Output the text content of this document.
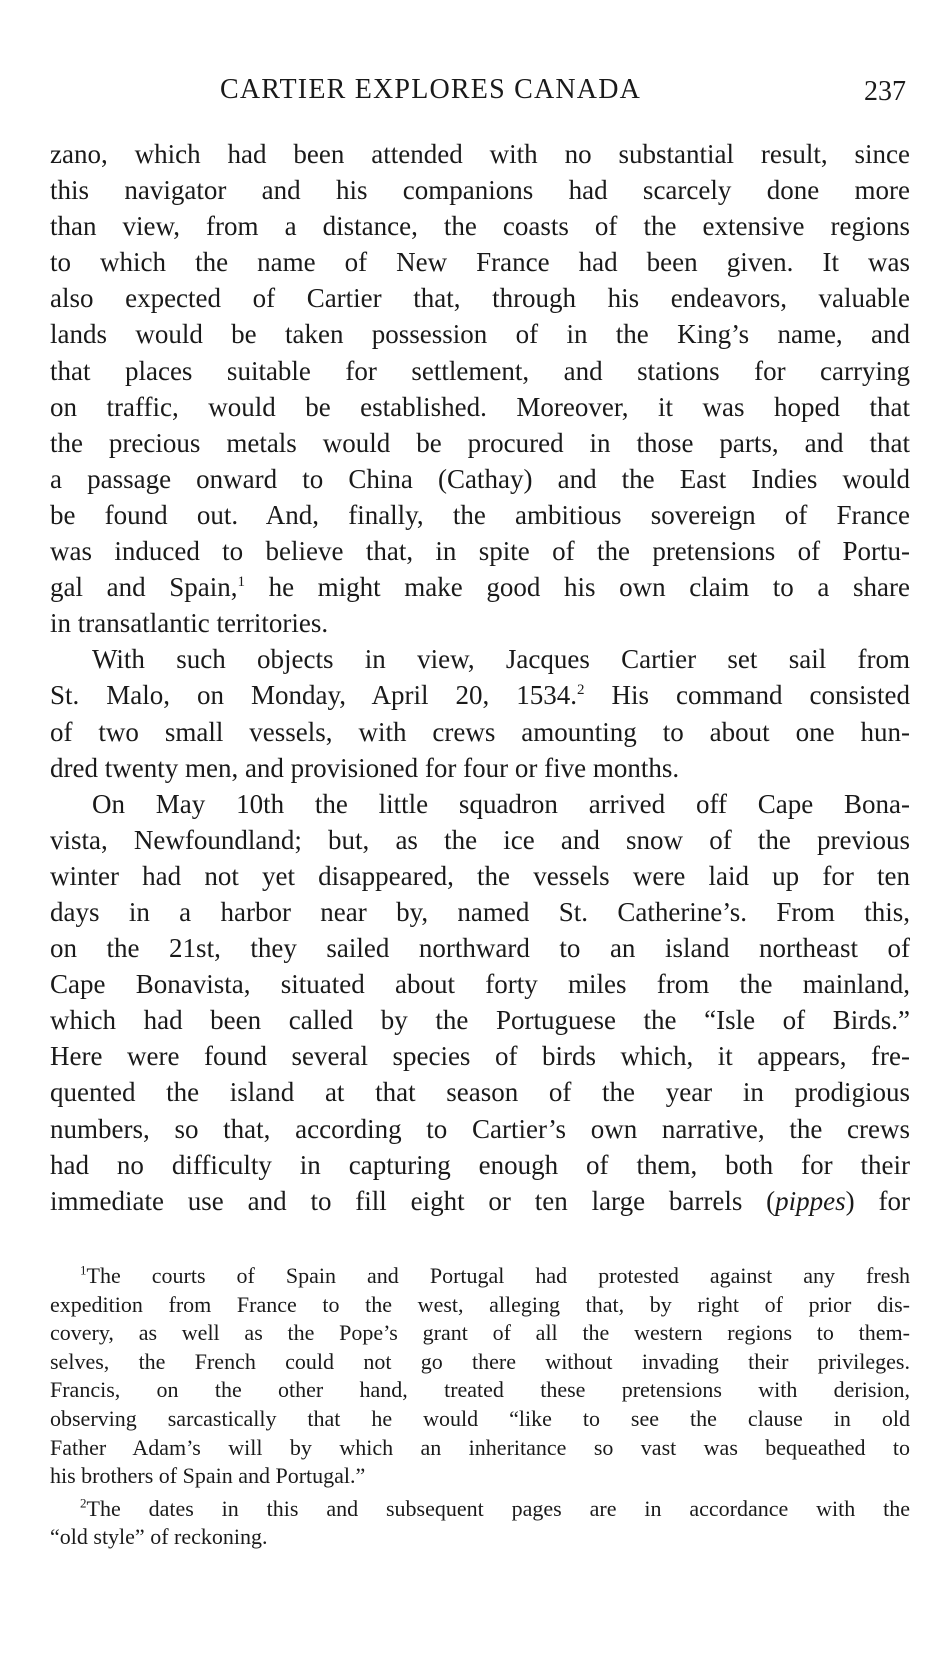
CARTIER EXPLORES CANADA	237
zano, which had been attended with no substantial result, since
this navigator and his companions had scarcely done more
than view, from a distance, the coasts of the extensive regions
to which the name of New France had been given. It was
also expected of Cartier that, through his endeavors, valuable
lands would be taken possession of in the King’s name, and
that places suitable for settlement, and stations for carrying
on traffic, would be established. Moreover, it was hoped that
the precious metals would be procured in those parts, and that
a passage onward to China (Cathay) and the East Indies would
be found out. And, finally, the ambitious sovereign of France
was induced to believe that, in spite of the pretensions of Portu-
gal and Spain,$^1$ he might make good his own claim to a share
in transatlantic territories.
With such objects in view, Jacques Cartier set sail from
St. Malo, on Monday, April 20, 1534.$^2$ His command consisted
of two small vessels, with crews amounting to about one hun-
dred twenty men, and provisioned for four or five months.
On May 10th the little squadron arrived off Cape Bona-
vista, Newfoundland; but, as the ice and snow of the previous
winter had not yet disappeared, the vessels were laid up for ten
days in a harbor near by, named St. Catherine’s. From this,
on the 21st, they sailed northward to an island northeast of
Cape Bonavista, situated about forty miles from the mainland,
which had been called by the Portuguese the “Isle of Birds.”
Here were found several species of birds which, it appears, fre-
quented the island at that season of the year in prodigious
numbers, so that, according to Cartier’s own narrative, the crews
had no difficulty in capturing enough of them, both for their
immediate use and to fill eight or ten large barrels (pippes) for
$^1$The courts of Spain and Portugal had protested against any fresh
expedition from France to the west, alleging that, by right of prior dis-
covery, as well as the Pope’s grant of all the western regions to them-
selves, the French could not go there without invading their privileges.
Francis, on the other hand, treated these pretensions with derision,
observing sarcastically that he would “like to see the clause in old
Father Adam’s will by which an inheritance so vast was bequeathed to
his brothers of Spain and Portugal.”
$^2$The dates in this and subsequent pages are in accordance with the
“old style” of reckoning.
